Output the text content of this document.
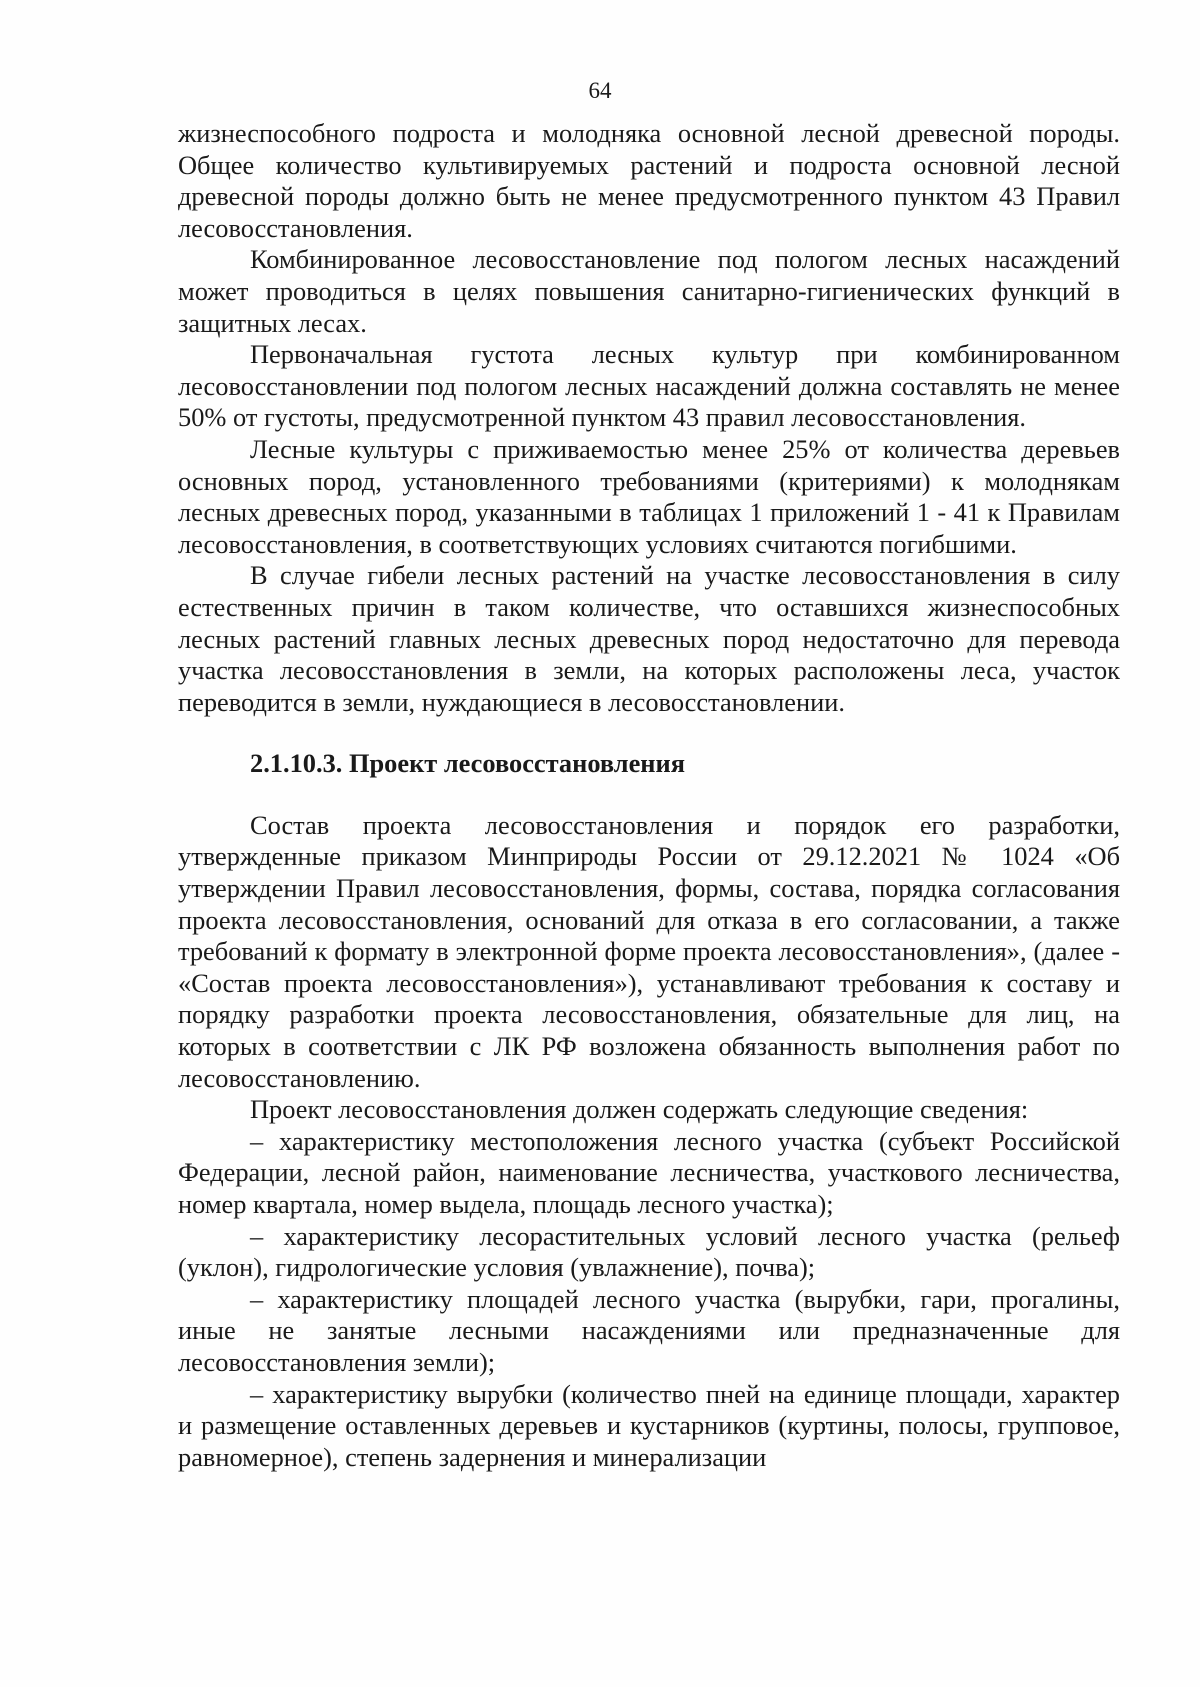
64

жизнеспособного подроста и молодняка основной лесной древесной породы. Общее количество культивируемых растений и подроста основной лесной древесной породы должно быть не менее предусмотренного пунктом 43 Правил лесовосстановления.

Комбинированное лесовосстановление под пологом лесных насаждений может проводиться в целях повышения санитарно-гигиенических функций в защитных лесах.

Первоначальная густота лесных культур при комбинированном лесовосстановлении под пологом лесных насаждений должна составлять не менее 50% от густоты, предусмотренной пунктом 43 правил лесовосстановления.

Лесные культуры с приживаемостью менее 25% от количества деревьев основных пород, установленного требованиями (критериями) к молоднякам лесных древесных пород, указанными в таблицах 1 приложений 1 - 41 к Правилам лесовосстановления, в соответствующих условиях считаются погибшими.

В случае гибели лесных растений на участке лесовосстановления в силу естественных причин в таком количестве, что оставшихся жизнеспособных лесных растений главных лесных древесных пород недостаточно для перевода участка лесовосстановления в земли, на которых расположены леса, участок переводится в земли, нуждающиеся в лесовосстановлении.

2.1.10.3. Проект лесовосстановления

Состав проекта лесовосстановления и порядок его разработки, утвержденные приказом Минприроды России от 29.12.2021 № 1024 «Об утверждении Правил лесовосстановления, формы, состава, порядка согласования проекта лесовосстановления, оснований для отказа в его согласовании, а также требований к формату в электронной форме проекта лесовосстановления», (далее - «Состав проекта лесовосстановления»), устанавливают требования к составу и порядку разработки проекта лесовосстановления, обязательные для лиц, на которых в соответствии с ЛК РФ возложена обязанность выполнения работ по лесовосстановлению.

Проект лесовосстановления должен содержать следующие сведения:

– характеристику местоположения лесного участка (субъект Российской Федерации, лесной район, наименование лесничества, участкового лесничества, номер квартала, номер выдела, площадь лесного участка);

– характеристику лесорастительных условий лесного участка (рельеф (уклон), гидрологические условия (увлажнение), почва);

– характеристику площадей лесного участка (вырубки, гари, прогалины, иные не занятые лесными насаждениями или предназначенные для лесовосстановления земли);

– характеристику вырубки (количество пней на единице площади, характер и размещение оставленных деревьев и кустарников (куртины, полосы, групповое, равномерное), степень задернения и минерализации
